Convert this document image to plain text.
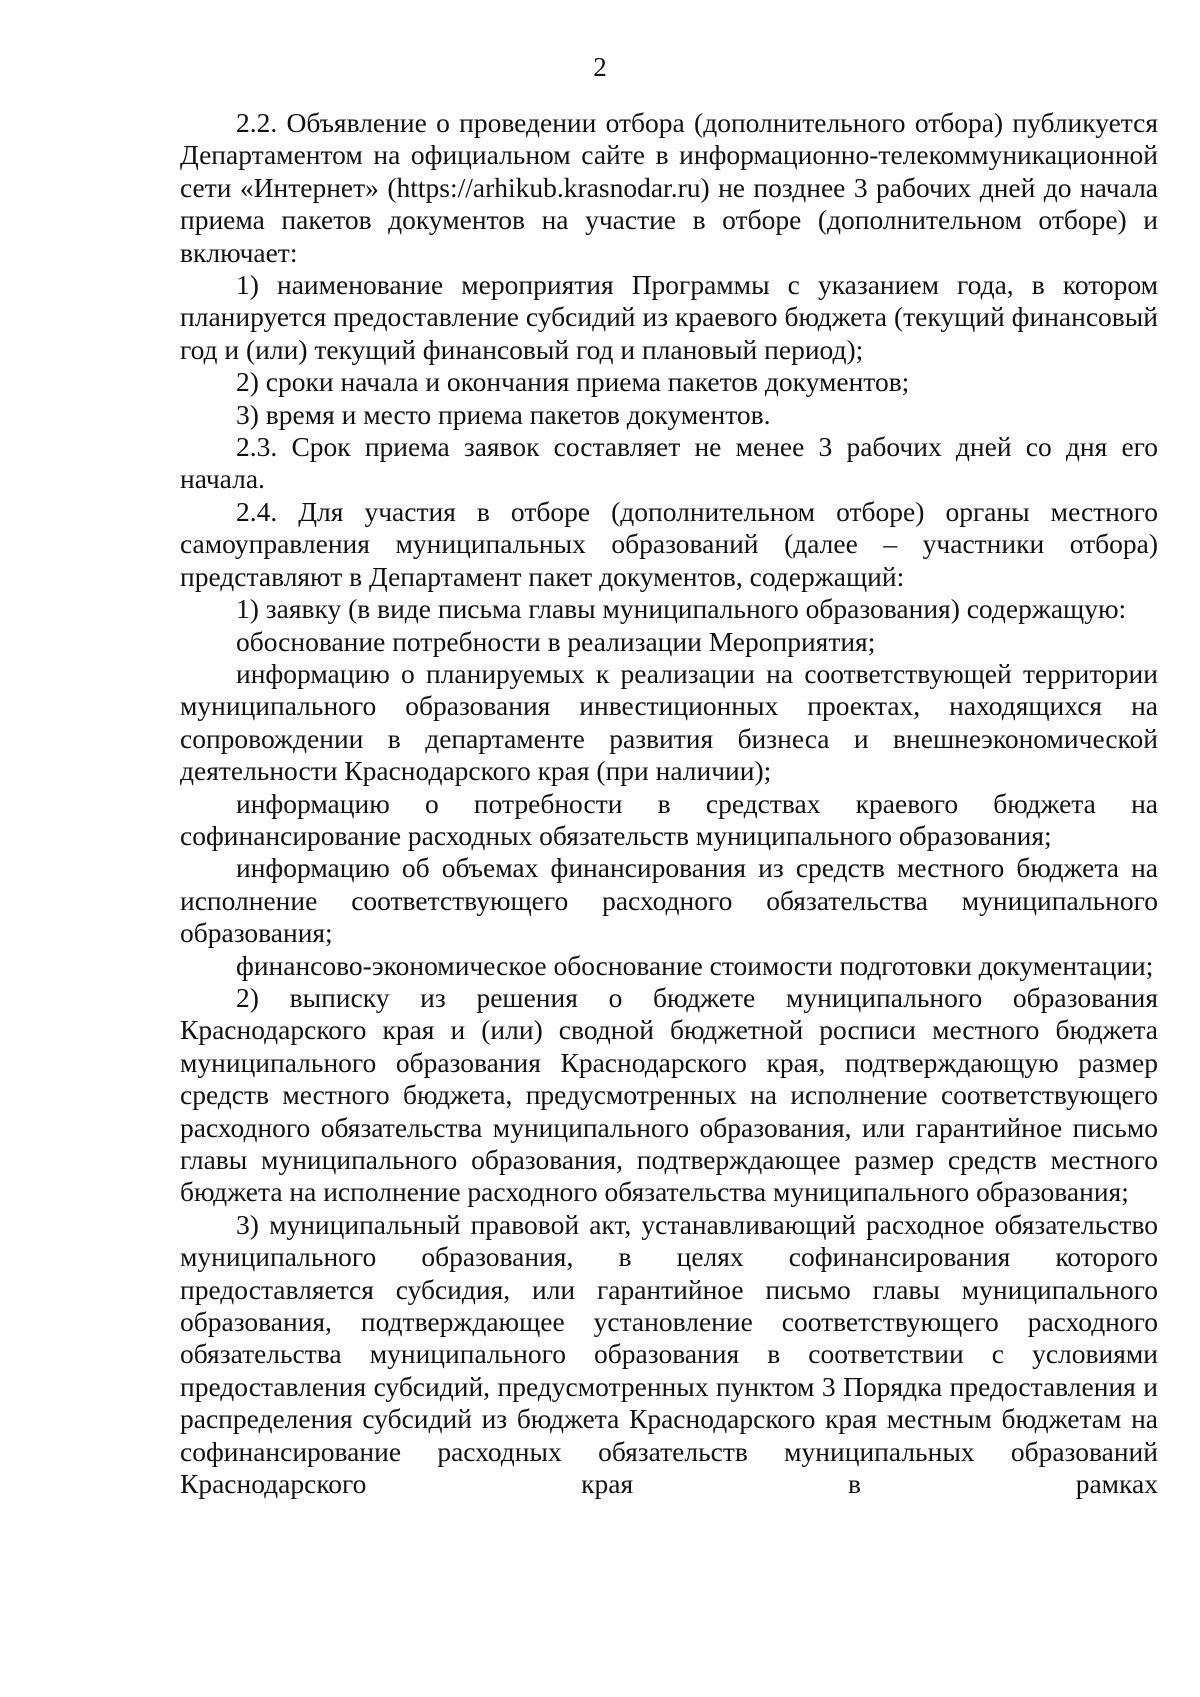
2

2.2. Объявление о проведении отбора (дополнительного отбора) публикуется Департаментом на официальном сайте в информационно-телекоммуникационной сети «Интернет» (https://arhikub.krasnodar.ru) не позднее 3 рабочих дней до начала приема пакетов документов на участие в отборе (дополнительном отборе) и включает:

1) наименование мероприятия Программы с указанием года, в котором планируется предоставление субсидий из краевого бюджета (текущий финансовый год и (или) текущий финансовый год и плановый период);

2) сроки начала и окончания приема пакетов документов;

3) время и место приема пакетов документов.

2.3. Срок приема заявок составляет не менее 3 рабочих дней со дня его начала.

2.4. Для участия в отборе (дополнительном отборе) органы местного самоуправления муниципальных образований (далее – участники отбора) представляют в Департамент пакет документов, содержащий:

1) заявку (в виде письма главы муниципального образования) содержащую:

обоснование потребности в реализации Мероприятия;

информацию о планируемых к реализации на соответствующей территории муниципального образования инвестиционных проектах, находящихся на сопровождении в департаменте развития бизнеса и внешнеэкономической деятельности Краснодарского края (при наличии);

информацию о потребности в средствах краевого бюджета на софинансирование расходных обязательств муниципального образования;

информацию об объемах финансирования из средств местного бюджета на исполнение соответствующего расходного обязательства муниципального образования;

финансово-экономическое обоснование стоимости подготовки документации;

2) выписку из решения о бюджете муниципального образования Краснодарского края и (или) сводной бюджетной росписи местного бюджета муниципального образования Краснодарского края, подтверждающую размер средств местного бюджета, предусмотренных на исполнение соответствующего расходного обязательства муниципального образования, или гарантийное письмо главы муниципального образования, подтверждающее размер средств местного бюджета на исполнение расходного обязательства муниципального образования;

3) муниципальный правовой акт, устанавливающий расходное обязательство муниципального образования, в целях софинансирования которого предоставляется субсидия, или гарантийное письмо главы муниципального образования, подтверждающее установление соответствующего расходного обязательства муниципального образования в соответствии с условиями предоставления субсидий, предусмотренных пунктом 3 Порядка предоставления и распределения субсидий из бюджета Краснодарского края местным бюджетам на софинансирование расходных обязательств муниципальных образований Краснодарского края в рамках
